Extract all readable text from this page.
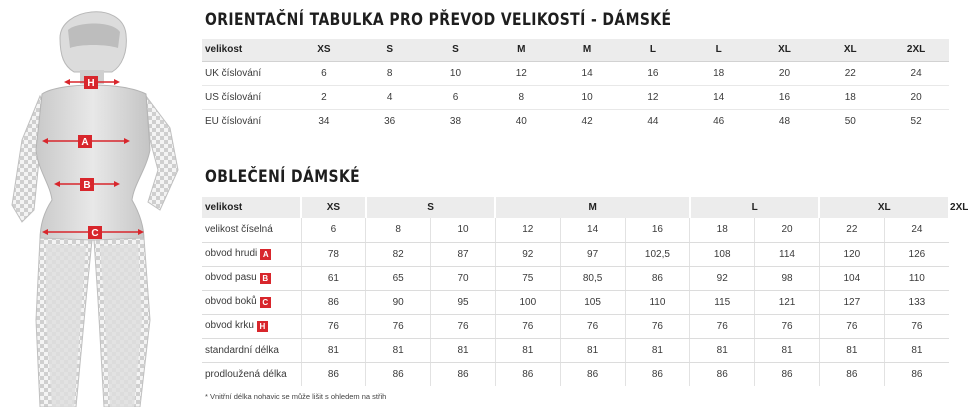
H
A
B
C
ORIENTAČNÍ TABULKA PRO PŘEVOD VELIKOSTÍ - DÁMSKÉ
velikost	XS	S	S	M	M	L	L	XL	XL	2XL
UK číslování	6	8	10	12	14	16	18	20	22	24
US číslování	2	4	6	8	10	12	14	16	18	20
EU číslování	34	36	38	40	42	44	46	48	50	52
OBLEČENÍ DÁMSKÉ
velikost	XS	S		M			L		XL		2XL
velikost číselná	6	8	10	12	14	16	18	20	22	24	
obvod hrudi A	78	82	87	92	97	102,5	108	114	120	126	
obvod pasu B	61	65	70	75	80,5	86	92	98	104	110	
obvod boků C	86	90	95	100	105	110	115	121	127	133	
obvod krku H	76	76	76	76	76	76	76	76	76	76	
standardní délka	81	81	81	81	81	81	81	81	81	81	
prodloužená délka	86	86	86	86	86	86	86	86	86	86	
* Vnitřní délka nohavic se může lišit s ohledem na střih
